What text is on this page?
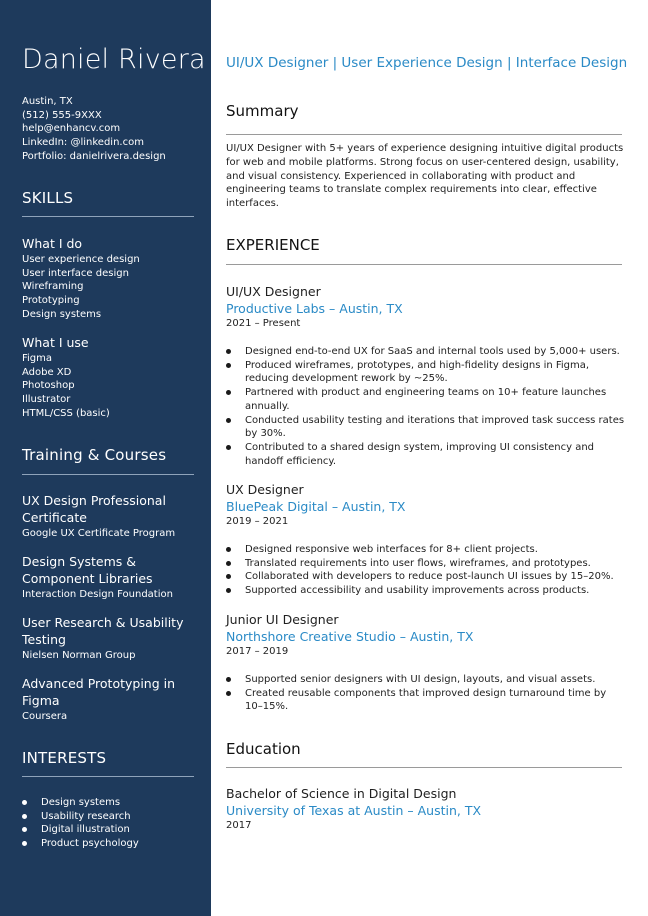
Daniel Rivera
Austin, TX
(512) 555-9XXX
help@enhancv.com
LinkedIn: @linkedin.com
Portfolio: danielrivera.design
SKILLS
What I do
User experience design
User interface design
Wireframing
Prototyping
Design systems
What I use
Figma
Adobe XD
Photoshop
Illustrator
HTML/CSS (basic)
Training & Courses
UX Design Professional
Certificate
Google UX Certificate Program
Design Systems &
Component Libraries
Interaction Design Foundation
User Research & Usability
Testing
Nielsen Norman Group
Advanced Prototyping in
Figma
Coursera
INTERESTS
Design systems
Usability research
Digital illustration
Product psychology
UI/UX Designer | User Experience Design | Interface Design
Summary

UI/UX Designer with 5+ years of experience designing intuitive digital products
for web and mobile platforms. Strong focus on user-centered design, usability,
and visual consistency. Experienced in collaborating with product and
engineering teams to translate complex requirements into clear, effective
interfaces.

EXPERIENCE
UI/UX Designer
Productive Labs – Austin, TX
2021 – Present
Designed end-to-end UX for SaaS and internal tools used by 5,000+ users.
Produced wireframes, prototypes, and high-fidelity designs in Figma,
reducing development rework by ~25%.
Partnered with product and engineering teams on 10+ feature launches
annually.
Conducted usability testing and iterations that improved task success rates
by 30%.
Contributed to a shared design system, improving UI consistency and
handoff efficiency.
UX Designer
BluePeak Digital – Austin, TX
2019 – 2021
Designed responsive web interfaces for 8+ client projects.
Translated requirements into user flows, wireframes, and prototypes.
Collaborated with developers to reduce post-launch UI issues by 15–20%.
Supported accessibility and usability improvements across products.
Junior UI Designer
Northshore Creative Studio – Austin, TX
2017 – 2019
Supported senior designers with UI design, layouts, and visual assets.
Created reusable components that improved design turnaround time by
10–15%.
Education
Bachelor of Science in Digital Design
University of Texas at Austin – Austin, TX
2017
